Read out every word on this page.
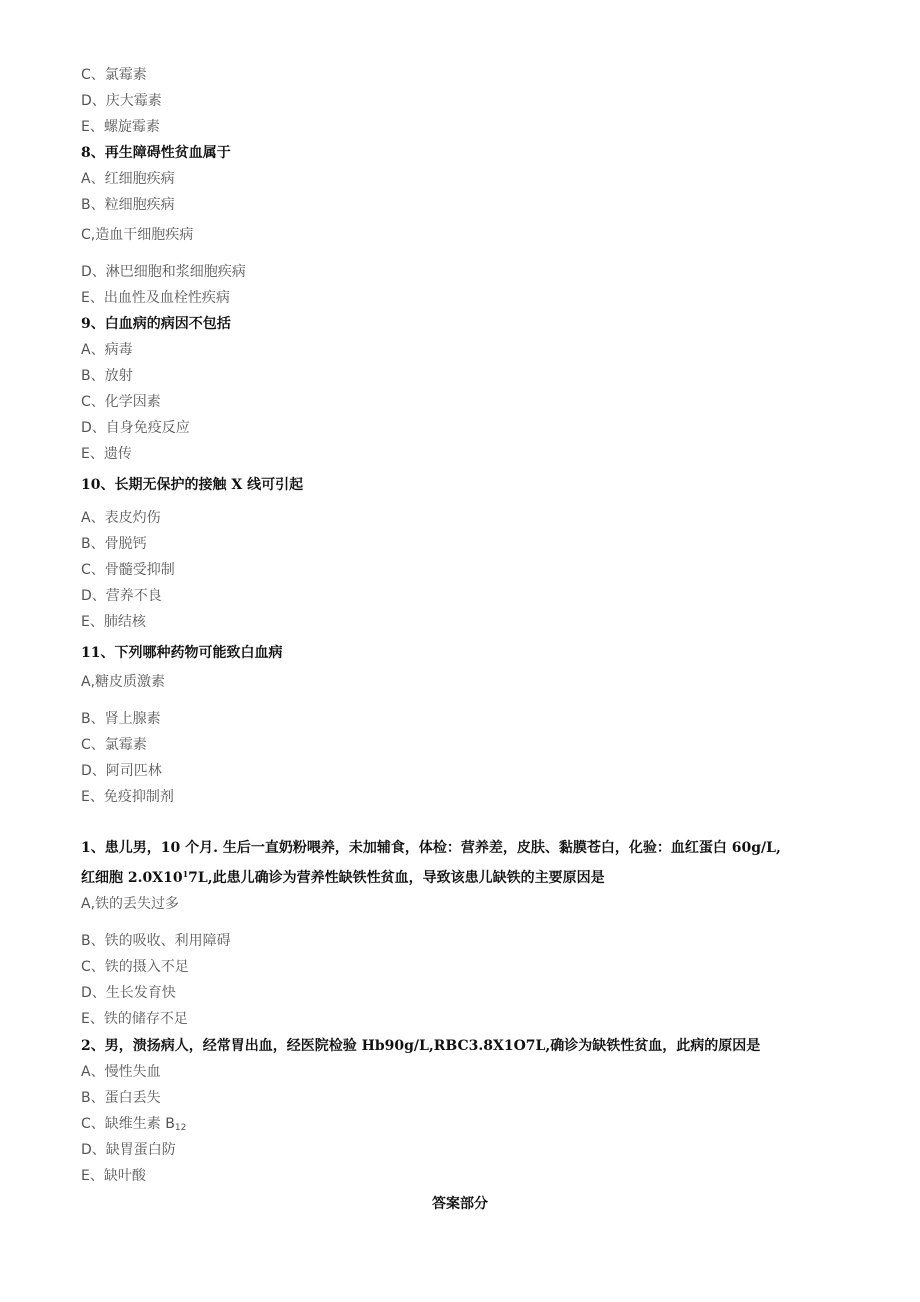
C、氯霉素
D、庆大霉素
E、螺旋霉素
8、再生障碍性贫血属于
A、红细胞疾病
B、粒细胞疾病
C,造血干细胞疾病
D、淋巴细胞和浆细胞疾病
E、出血性及血栓性疾病
9、白血病的病因不包括
A、病毒
B、放射
C、化学因素
D、自身免疫反应
E、遗传
10、长期无保护的接触 X 线可引起
A、表皮灼伤
B、骨脱钙
C、骨髓受抑制
D、营养不良
E、肺结核
11、下列哪种药物可能致白血病
A,糖皮质激素
B、肾上腺素
C、氯霉素
D、阿司匹林
E、免疫抑制剂
1、患儿男，10 个月. 生后一直奶粉喂养，未加辅食，体检：营养差，皮肤、黏膜苍白，化验：血红蛋白 60g/L,
红细胞 $2.0X10^17L$,此患儿确诊为营养性缺铁性贫血，导致该患儿缺铁的主要原因是
A,铁的丢失过多
B、铁的吸收、利用障碍
C、铁的摄入不足
D、生长发育快
E、铁的储存不足
2、男，溃扬病人，经常胃出血，经医院检验 Hb90g/L,RBC3.8X1O7L,确诊为缺铁性贫血，此病的原因是
A、慢性失血
B、蛋白丢失
C、缺维生素 $B_{12}$
D、缺胃蛋白防
E、缺叶酸
答案部分
